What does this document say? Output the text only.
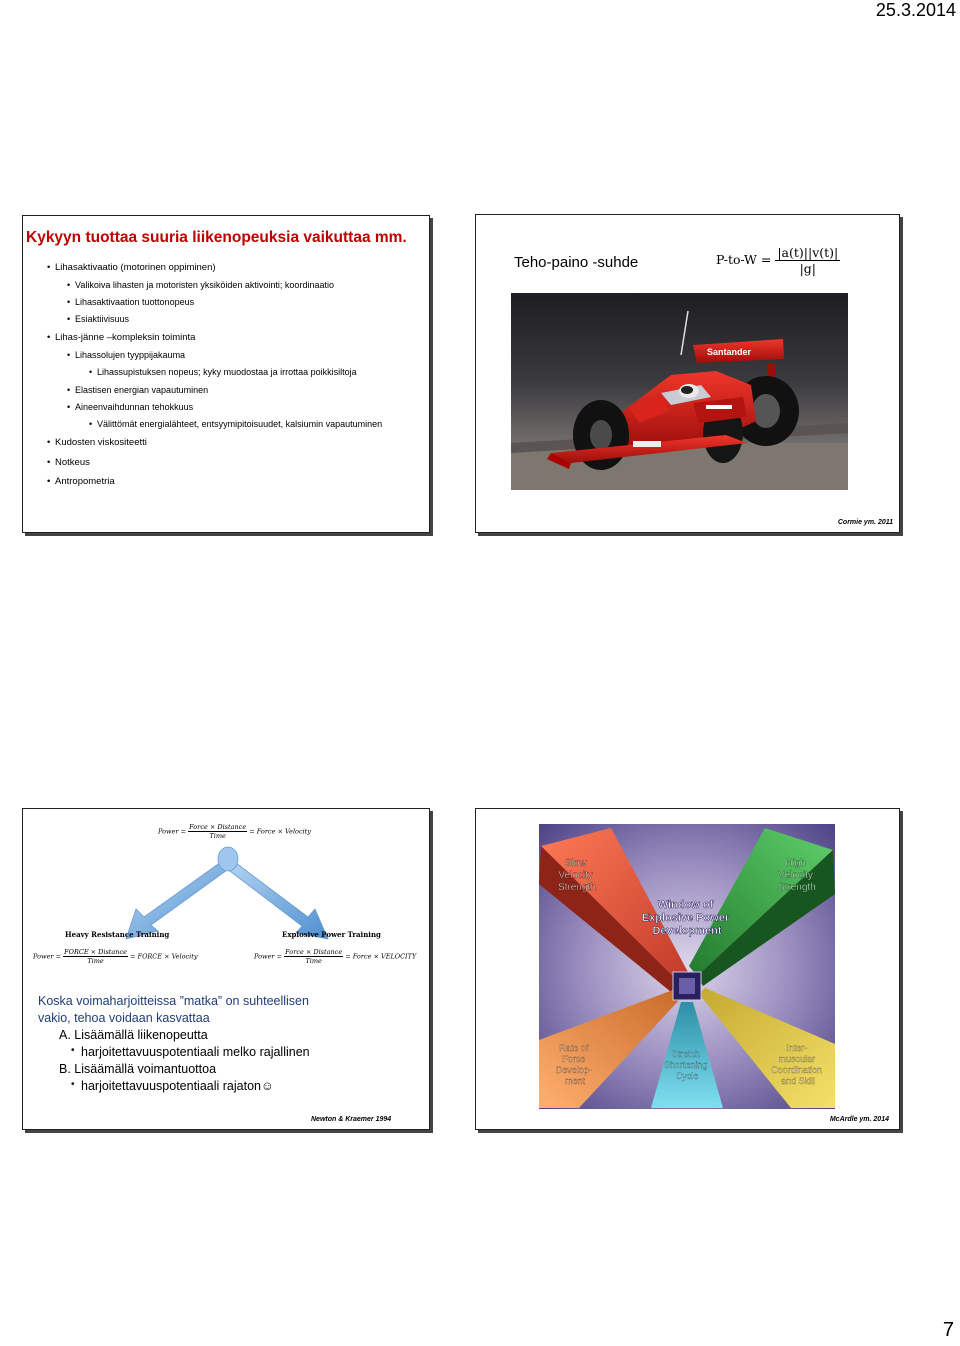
25.3.2014
Kykyyn tuottaa suuria liikenopeuksia vaikuttaa mm.
• Lihasaktivaatio (motorinen oppiminen)
• Valikoiva lihasten ja motoristen yksiköiden aktivointi; koordinaatio
• Lihasaktivaation tuottonopeus
• Esiaktiivisuus
• Lihas-jänne –kompleksin toiminta
• Lihassolujen tyyppijakauma
• Lihassupistuksen nopeus; kyky muodostaa ja irrottaa poikkisiltoja
• Elastisen energian vapautuminen
• Aineenvaihdunnan tehokkuus
• Välittömät energialähteet, entsyymipitoisuudet, kalsiumin vapautuminen
• Kudosten viskositeetti
• Notkeus
• Antropometria
Teho-paino -suhde	$P-to-W = \frac{|a(t)||v(t)|}{|g|}$
Santander
Cormie ym. 2011
Power =
Force × Distance
Time
= Force × Velocity
Heavy Resistance Training	Explosive Power Training
Power =
FORCE × Distance
Time
= FORCE × Velocity	Power =
Force × Distance
Time
= Force × VELOCITY
Koska voimaharjoitteissa ”matka” on suhteellisen
vakio, tehoa voidaan kasvattaa
A. Lisäämällä liikenopeutta
harjoitettavuuspotentiaali melko rajallinen
B. Lisäämällä voimantuottoa
harjoitettavuuspotentiaali rajaton☺
•
•
Newton & Kraemer 1994
Slow Velocity Strength
High Velocity Strength
Window of Explosive Power Development
Rate of Force Develop- ment
Stretch Shortening Cycle
Inter- muscular Coordination and Skill
McArdle ym. 2014
7
